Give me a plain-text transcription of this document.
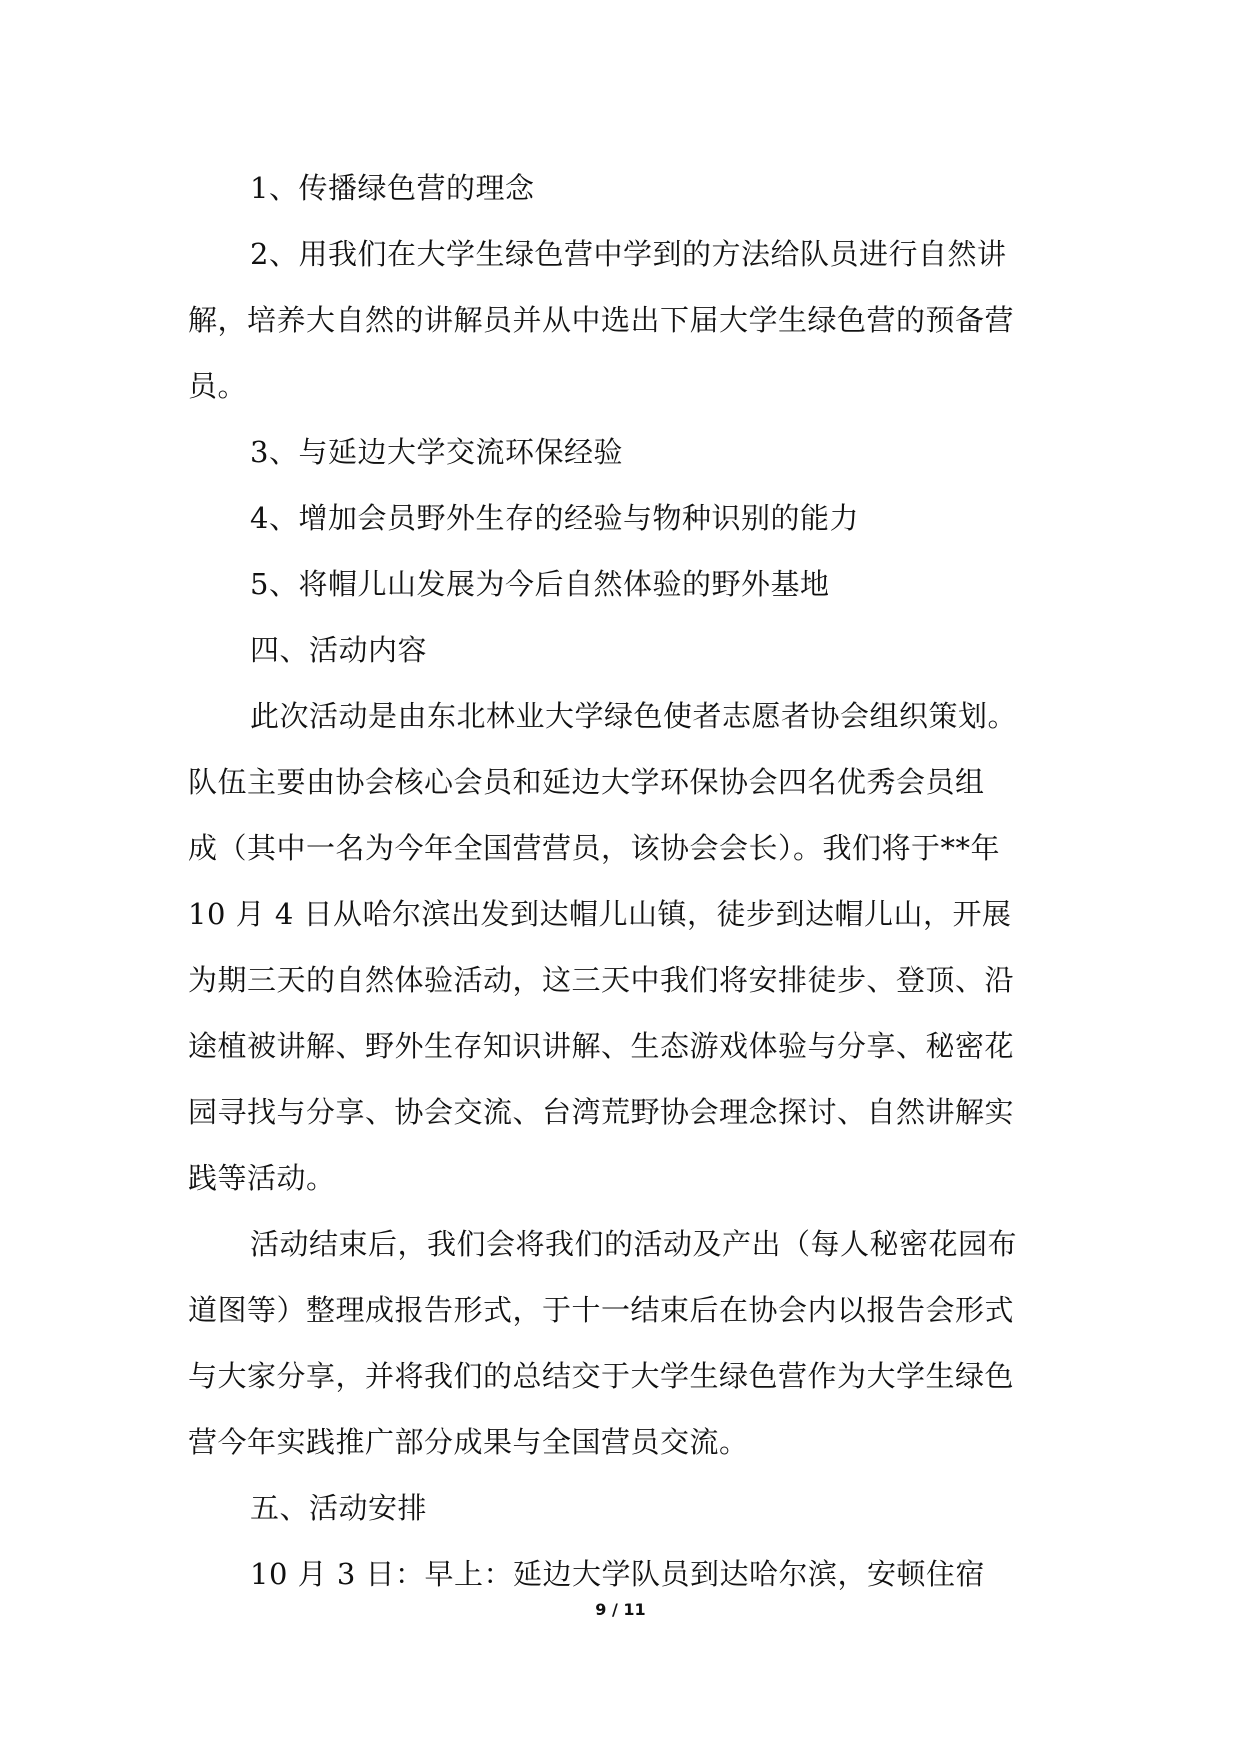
1、传播绿色营的理念
2、用我们在大学生绿色营中学到的方法给队员进行自然讲
解，培养大自然的讲解员并从中选出下届大学生绿色营的预备营
员。
3、与延边大学交流环保经验
4、增加会员野外生存的经验与物种识别的能力
5、将帽儿山发展为今后自然体验的野外基地
四、活动内容
此次活动是由东北林业大学绿色使者志愿者协会组织策划。
队伍主要由协会核心会员和延边大学环保协会四名优秀会员组
成（其中一名为今年全国营营员，该协会会长）。我们将于**年
10 月 4 日从哈尔滨出发到达帽儿山镇，徒步到达帽儿山，开展
为期三天的自然体验活动，这三天中我们将安排徒步、登顶、沿
途植被讲解、野外生存知识讲解、生态游戏体验与分享、秘密花
园寻找与分享、协会交流、台湾荒野协会理念探讨、自然讲解实
践等活动。
活动结束后，我们会将我们的活动及产出（每人秘密花园布
道图等）整理成报告形式，于十一结束后在协会内以报告会形式
与大家分享，并将我们的总结交于大学生绿色营作为大学生绿色
营今年实践推广部分成果与全国营员交流。
五、活动安排
10 月 3 日：早上：延边大学队员到达哈尔滨，安顿住宿
9 / 11
